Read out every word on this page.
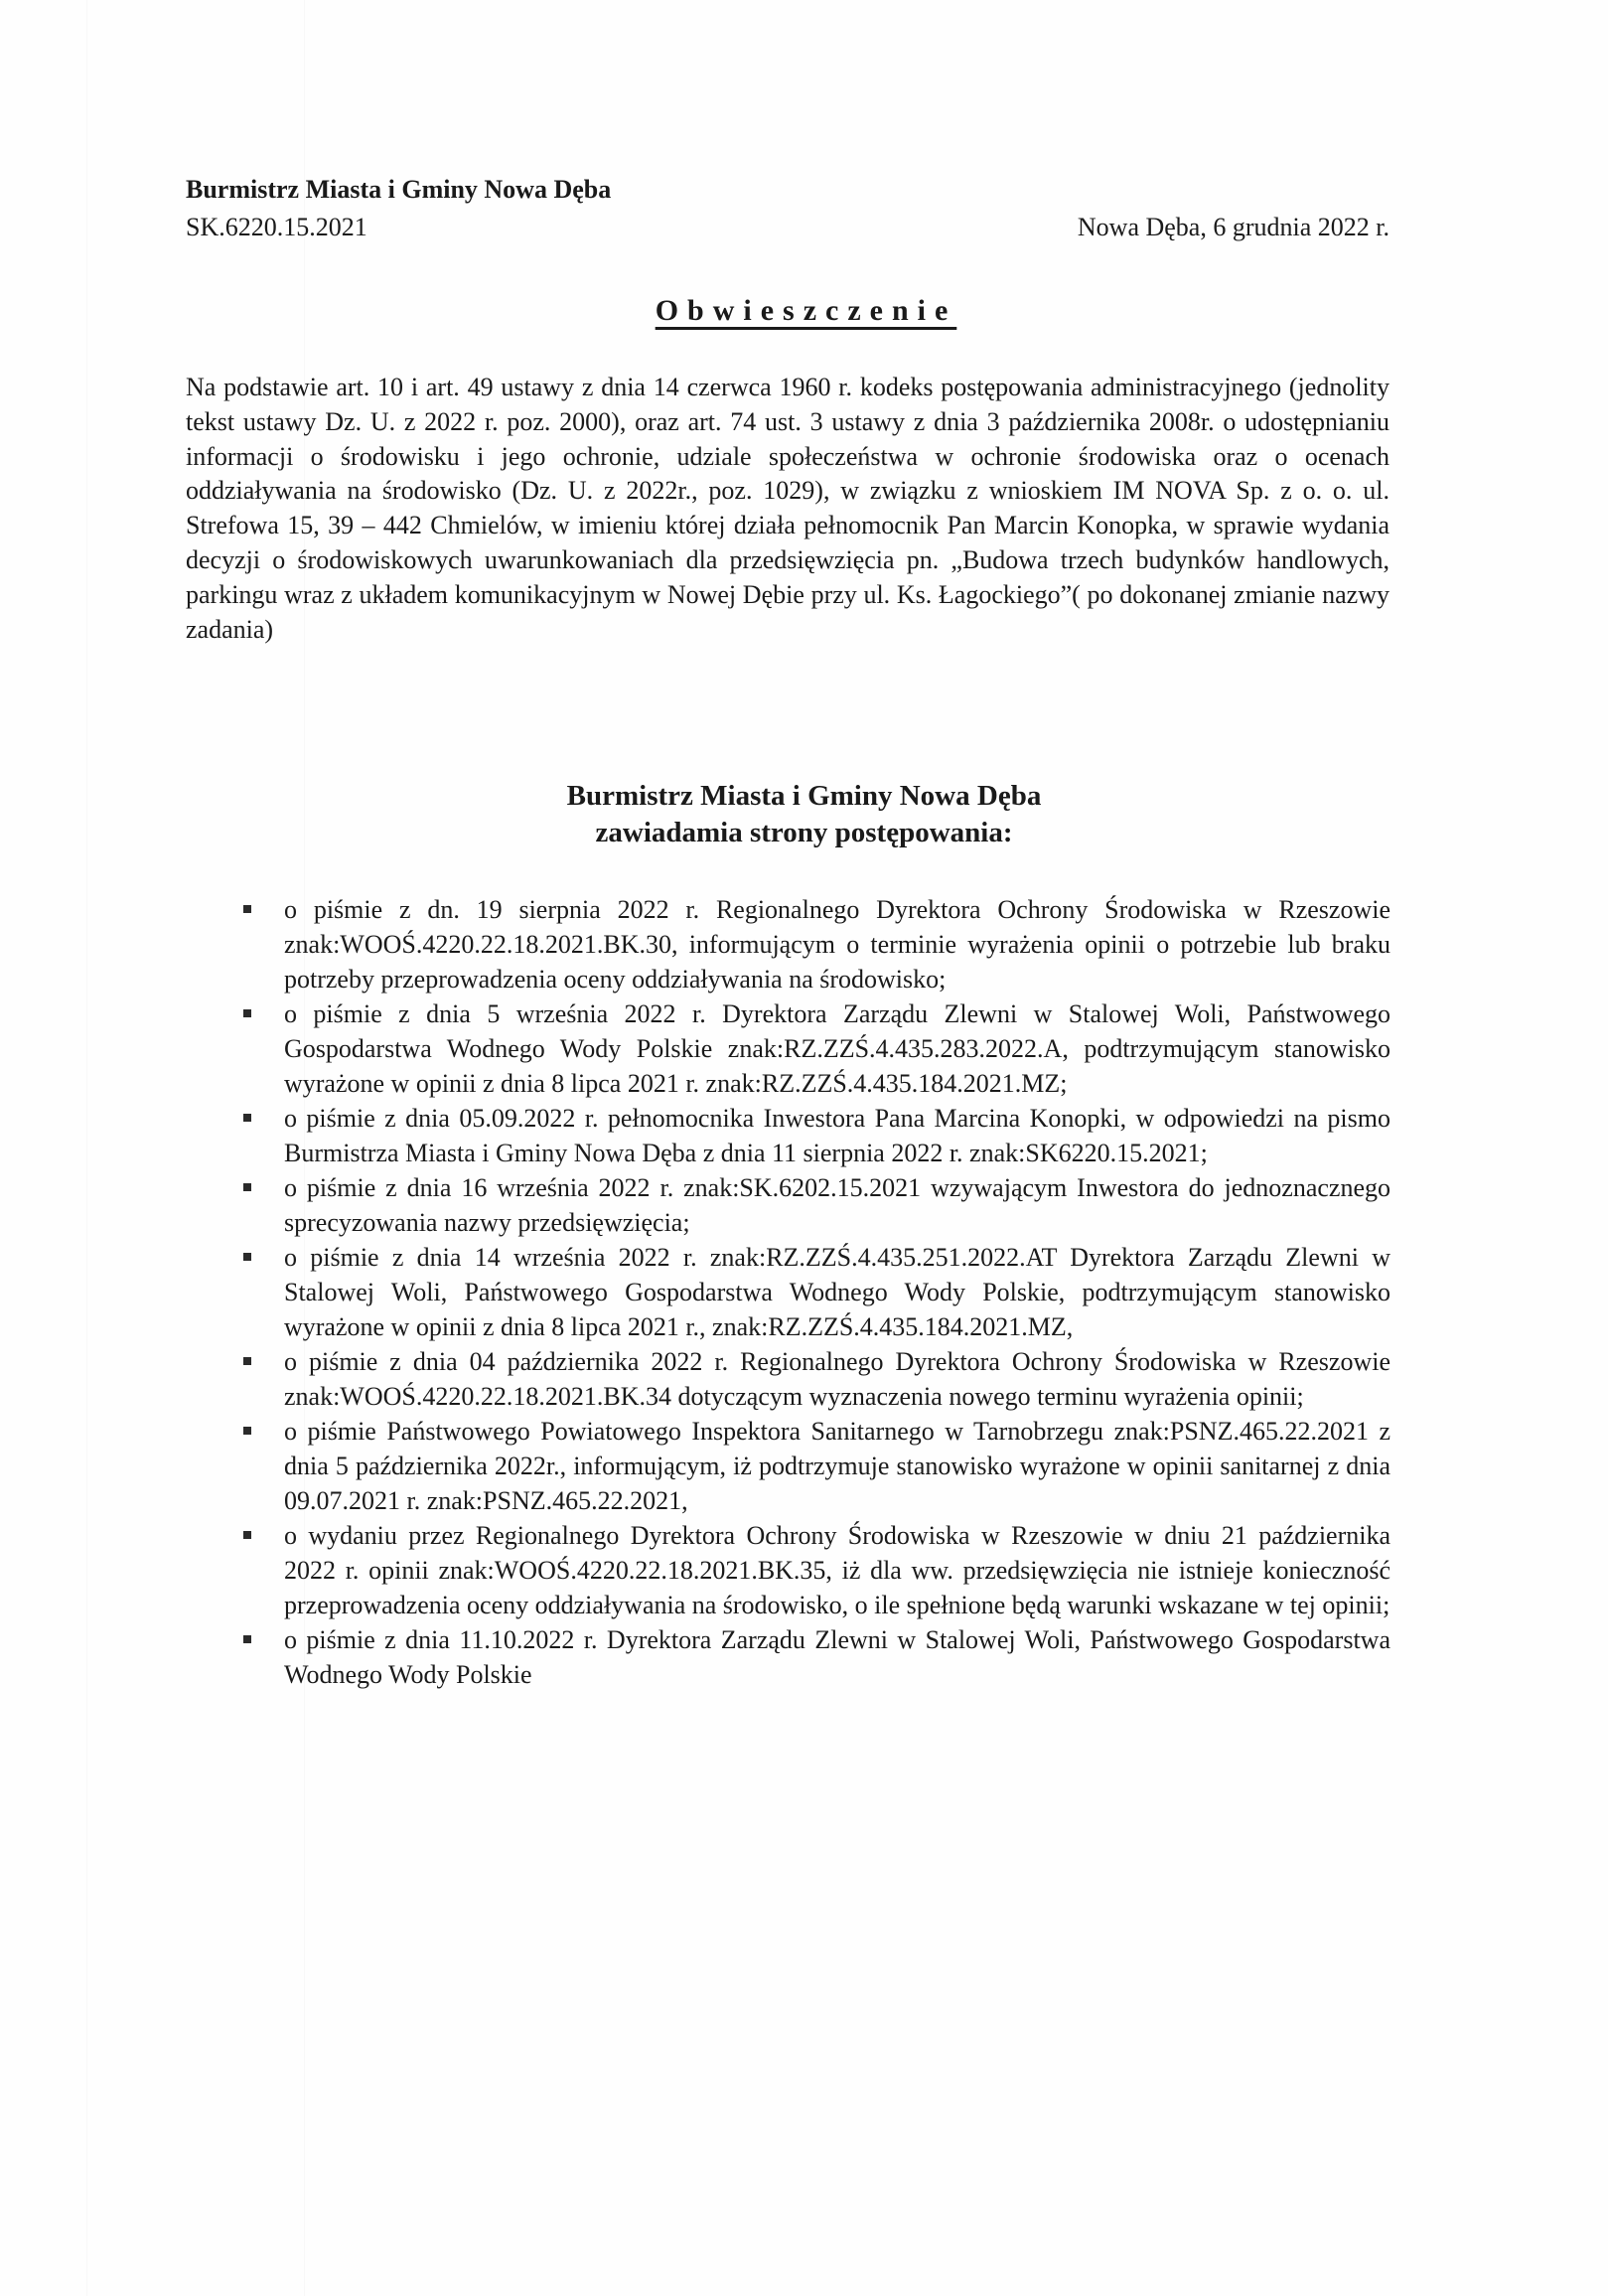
Burmistrz Miasta i Gminy Nowa Dęba
SK.6220.15.2021	Nowa Dęba, 6 grudnia 2022 r.
Obwieszczenie

Na podstawie art. 10 i art. 49 ustawy z dnia 14 czerwca 1960 r. kodeks postępowania administracyjnego (jednolity tekst ustawy Dz. U. z 2022 r. poz. 2000), oraz art. 74 ust. 3 ustawy z dnia 3 października 2008r. o udostępnianiu informacji o środowisku i jego ochronie, udziale społeczeństwa w ochronie środowiska oraz o ocenach oddziaływania na środowisko (Dz. U. z 2022r., poz. 1029), w związku z wnioskiem IM NOVA Sp. z o. o. ul. Strefowa 15, 39 – 442 Chmielów, w imieniu której działa pełnomocnik Pan Marcin Konopka, w sprawie wydania decyzji o środowiskowych uwarunkowaniach dla przedsięwzięcia pn. „Budowa trzech budynków handlowych, parkingu wraz z układem komunikacyjnym w Nowej Dębie przy ul. Ks. Łagockiego”( po dokonanej zmianie nazwy zadania)

Burmistrz Miasta i Gminy Nowa Dęba
zawiadamia strony postępowania:
o piśmie z dn. 19 sierpnia 2022 r. Regionalnego Dyrektora Ochrony Środowiska w Rzeszowie znak:WOOŚ.4220.22.18.2021.BK.30, informującym o terminie wyrażenia opinii o potrzebie lub braku potrzeby przeprowadzenia oceny oddziaływania na środowisko;
o piśmie z dnia 5 września 2022 r. Dyrektora Zarządu Zlewni w Stalowej Woli, Państwowego Gospodarstwa Wodnego Wody Polskie znak:RZ.ZZŚ.4.435.283.2022.A, podtrzymującym stanowisko wyrażone w opinii z dnia 8 lipca 2021 r. znak:RZ.ZZŚ.4.435.184.2021.MZ;
o piśmie z dnia 05.09.2022 r. pełnomocnika Inwestora Pana Marcina Konopki, w odpowiedzi na pismo Burmistrza Miasta i Gminy Nowa Dęba z dnia 11 sierpnia 2022 r. znak:SK6220.15.2021;
o piśmie z dnia 16 września 2022 r. znak:SK.6202.15.2021 wzywającym Inwestora do jednoznacznego sprecyzowania nazwy przedsięwzięcia;
o piśmie z dnia 14 września 2022 r. znak:RZ.ZZŚ.4.435.251.2022.AT Dyrektora Zarządu Zlewni w Stalowej Woli, Państwowego Gospodarstwa Wodnego Wody Polskie, podtrzymującym stanowisko wyrażone w opinii z dnia 8 lipca 2021 r., znak:RZ.ZZŚ.4.435.184.2021.MZ,
o piśmie z dnia 04 października 2022 r. Regionalnego Dyrektora Ochrony Środowiska w Rzeszowie znak:WOOŚ.4220.22.18.2021.BK.34 dotyczącym wyznaczenia nowego terminu wyrażenia opinii;
o piśmie Państwowego Powiatowego Inspektora Sanitarnego w Tarnobrzegu znak:PSNZ.465.22.2021 z dnia 5 października 2022r., informującym, iż podtrzymuje stanowisko wyrażone w opinii sanitarnej z dnia 09.07.2021 r. znak:PSNZ.465.22.2021,
o wydaniu przez Regionalnego Dyrektora Ochrony Środowiska w Rzeszowie w dniu 21 października 2022 r. opinii znak:WOOŚ.4220.22.18.2021.BK.35, iż dla ww. przedsięwzięcia nie istnieje konieczność przeprowadzenia oceny oddziaływania na środowisko, o ile spełnione będą warunki wskazane w tej opinii;
o piśmie z dnia 11.10.2022 r. Dyrektora Zarządu Zlewni w Stalowej Woli, Państwowego Gospodarstwa Wodnego Wody Polskie
